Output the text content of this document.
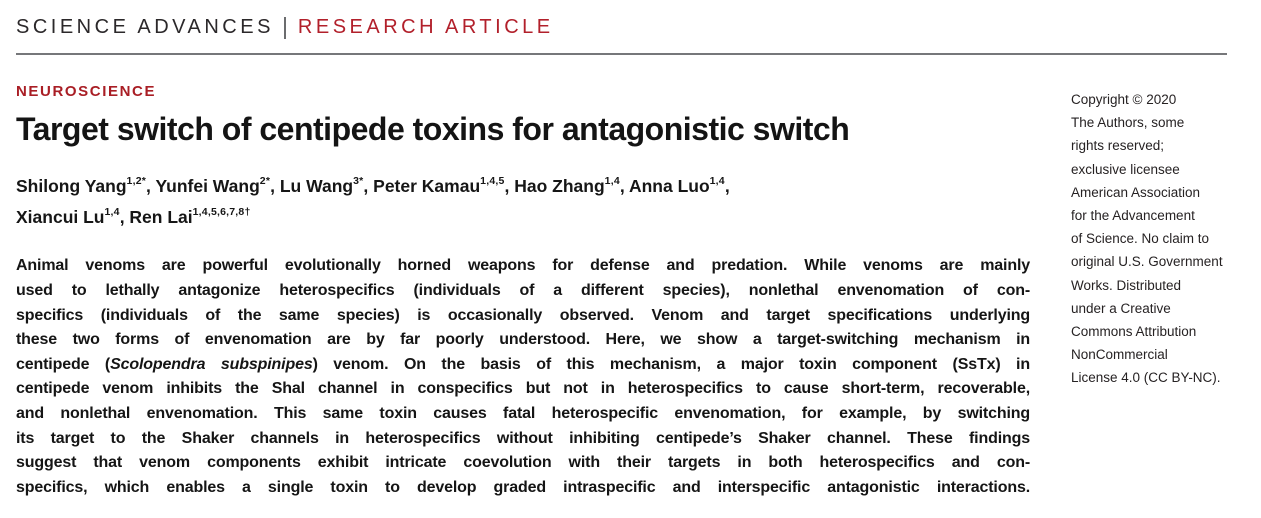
SCIENCE ADVANCES RESEARCH ARTICLE
NEUROSCIENCE
Target switch of centipede toxins for antagonistic switch
Shilong Yang$^{1,2*}$, Yunfei Wang$^{2*}$, Lu Wang$^{3*}$, Peter Kamau$^{1,4,5}$, Hao Zhang$^{1,4}$, Anna Luo$^{1,4}$,
Xiancui Lu$^{1,4}$, Ren Lai$^{1,4,5,6,7,8\dagger}$
Animal venoms are powerful evolutionally horned weapons for defense and predation. While venoms are mainly
used to lethally antagonize heterospecifics (individuals of a different species), nonlethal envenomation of con-
specifics (individuals of the same species) is occasionally observed. Venom and target specifications underlying
these two forms of envenomation are by far poorly understood. Here, we show a target-switching mechanism in
centipede (Scolopendra subspinipes) venom. On the basis of this mechanism, a major toxin component (SsTx) in
centipede venom inhibits the Shal channel in conspecifics but not in heterospecifics to cause short-term, recoverable,
and nonlethal envenomation. This same toxin causes fatal heterospecific envenomation, for example, by switching
its target to the Shaker channels in heterospecifics without inhibiting centipede’s Shaker channel. These findings
suggest that venom components exhibit intricate coevolution with their targets in both heterospecifics and con-
specifics, which enables a single toxin to develop graded intraspecific and interspecific antagonistic interactions.
Copyright © 2020
The Authors, some
rights reserved;
exclusive licensee
American Association
for the Advancement
of Science. No claim to
original U.S. Government
Works. Distributed
under a Creative
Commons Attribution
NonCommercial
License 4.0 (CC BY-NC).
